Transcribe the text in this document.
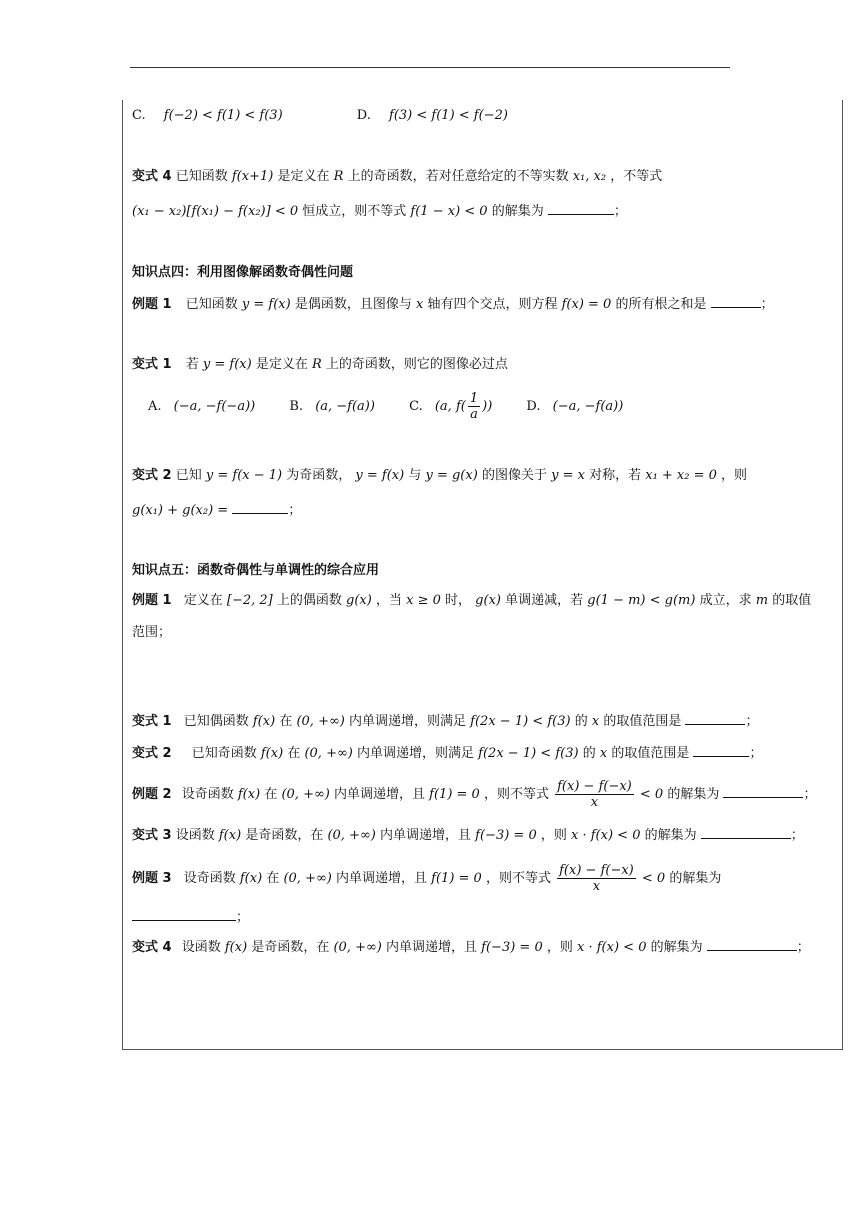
C. f(−2) < f(1) < f(3)	D. f(3) < f(1) < f(−2)
变式 4 已知函数 f(x+1) 是定义在 R 上的奇函数，若对任意给定的不等实数 x₁, x₂ ，不等式
(x₁ − x₂)[f(x₁) − f(x₂)] < 0 恒成立，则不等式 f(1 − x) < 0 的解集为	；
知识点四：利用图像解函数奇偶性问题
例题 1 已知函数 y = f(x) 是偶函数，且图像与 x 轴有四个交点，则方程 f(x) = 0 的所有根之和是	；
变式 1 若 y = f(x) 是定义在 R 上的奇函数，则它的图像必过点
A. (−a, −f(−a))	B. (a, −f(a))	C. (a, $f( \frac{1}{a}$ ))	D. (−a, −f(a))
变式 2 已知 y = f(x − 1) 为奇函数， y = f(x) 与 y = g(x) 的图像关于 y = x 对称，若 x₁ + x₂ = 0 ，则
g(x₁) + g(x₂) =	；
知识点五：函数奇偶性与单调性的综合应用
例题 1 定义在 [−2, 2] 上的偶函数 g(x) ，当 x ≥ 0 时， g(x) 单调递减，若 g(1 − m) < g(m) 成立，求 m 的取值
范围；
变式 1 已知偶函数 f(x) 在 (0, +∞) 内单调递增，则满足 f(2x − 1) < f(3) 的 x 的取值范围是	；
变式 2 已知奇函数 f(x) 在 (0, +∞) 内单调递增，则满足 f(2x − 1) < f(3) 的 x 的取值范围是	；
例题 2 设奇函数 f(x) 在 (0, +∞) 内单调递增，且 f(1) = 0 ，则不等式 $\frac{f(x) - f(-x)}{x} < 0$ 的解集为	；
变式 3 设函数 f(x) 是奇函数，在 (0, +∞) 内单调递增，且 f(−3) = 0 ，则 x · f(x) < 0 的解集为	；
例题 3 设奇函数 f(x) 在 (0, +∞) 内单调递增，且 f(1) = 0 ，则不等式 $\frac{f(x) - f(-x)}{x} < 0$ 的解集为
；
变式 4 设函数 f(x) 是奇函数，在 (0, +∞) 内单调递增，且 f(−3) = 0 ，则 x · f(x) < 0 的解集为	；
